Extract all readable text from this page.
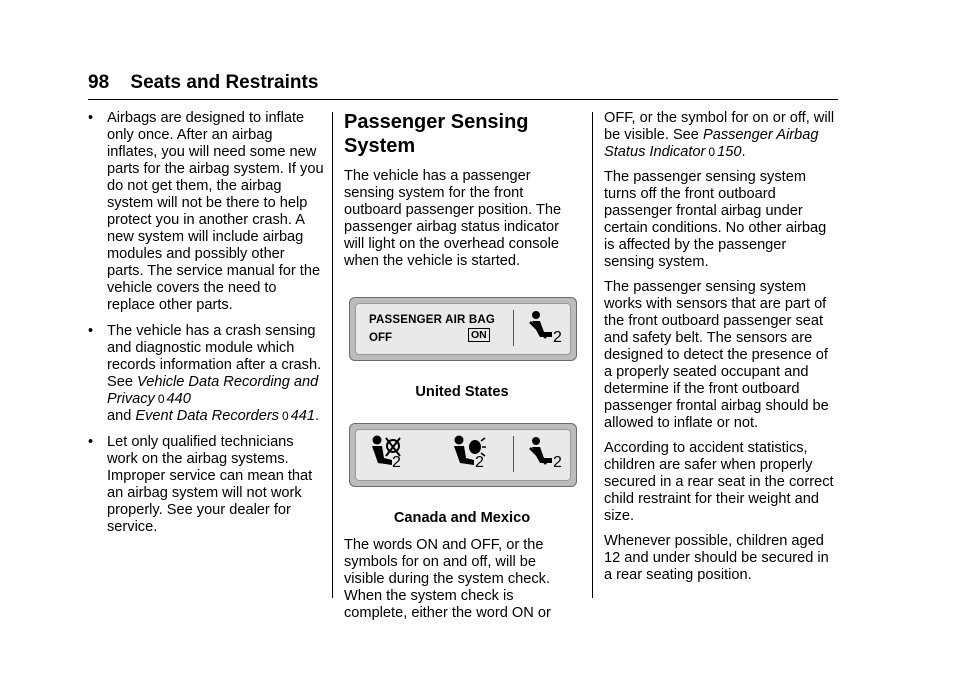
98 Seats and Restraints
• Airbags are designed to inflate only once. After an airbag inflates, you will need some new parts for the airbag system. If you do not get them, the airbag system will not be there to help protect you in another crash. A new system will include airbag modules and possibly other parts. The service manual for the vehicle covers the need to replace other parts.
• The vehicle has a crash sensing and diagnostic module which records information after a crash. See Vehicle Data Recording and Privacy 0 440
and Event Data Recorders 0 441.
• Let only qualified technicians work on the airbag systems. Improper service can mean that an airbag system will not work properly. See your dealer for service.
Passenger Sensing System
The vehicle has a passenger sensing system for the front outboard passenger position. The passenger airbag status indicator will light on the overhead console when the vehicle is started.
PASSENGER AIR BAG
OFF	ON	2
United States
2	2	2
Canada and Mexico
The words ON and OFF, or the symbols for on and off, will be visible during the system check. When the system check is complete, either the word ON or
OFF, or the symbol for on or off, will be visible. See Passenger Airbag Status Indicator 0 150.
The passenger sensing system turns off the front outboard passenger frontal airbag under certain conditions. No other airbag is affected by the passenger sensing system.
The passenger sensing system works with sensors that are part of the front outboard passenger seat and safety belt. The sensors are designed to detect the presence of a properly seated occupant and determine if the front outboard passenger frontal airbag should be allowed to inflate or not.
According to accident statistics, children are safer when properly secured in a rear seat in the correct child restraint for their weight and size.
Whenever possible, children aged 12 and under should be secured in a rear seating position.
